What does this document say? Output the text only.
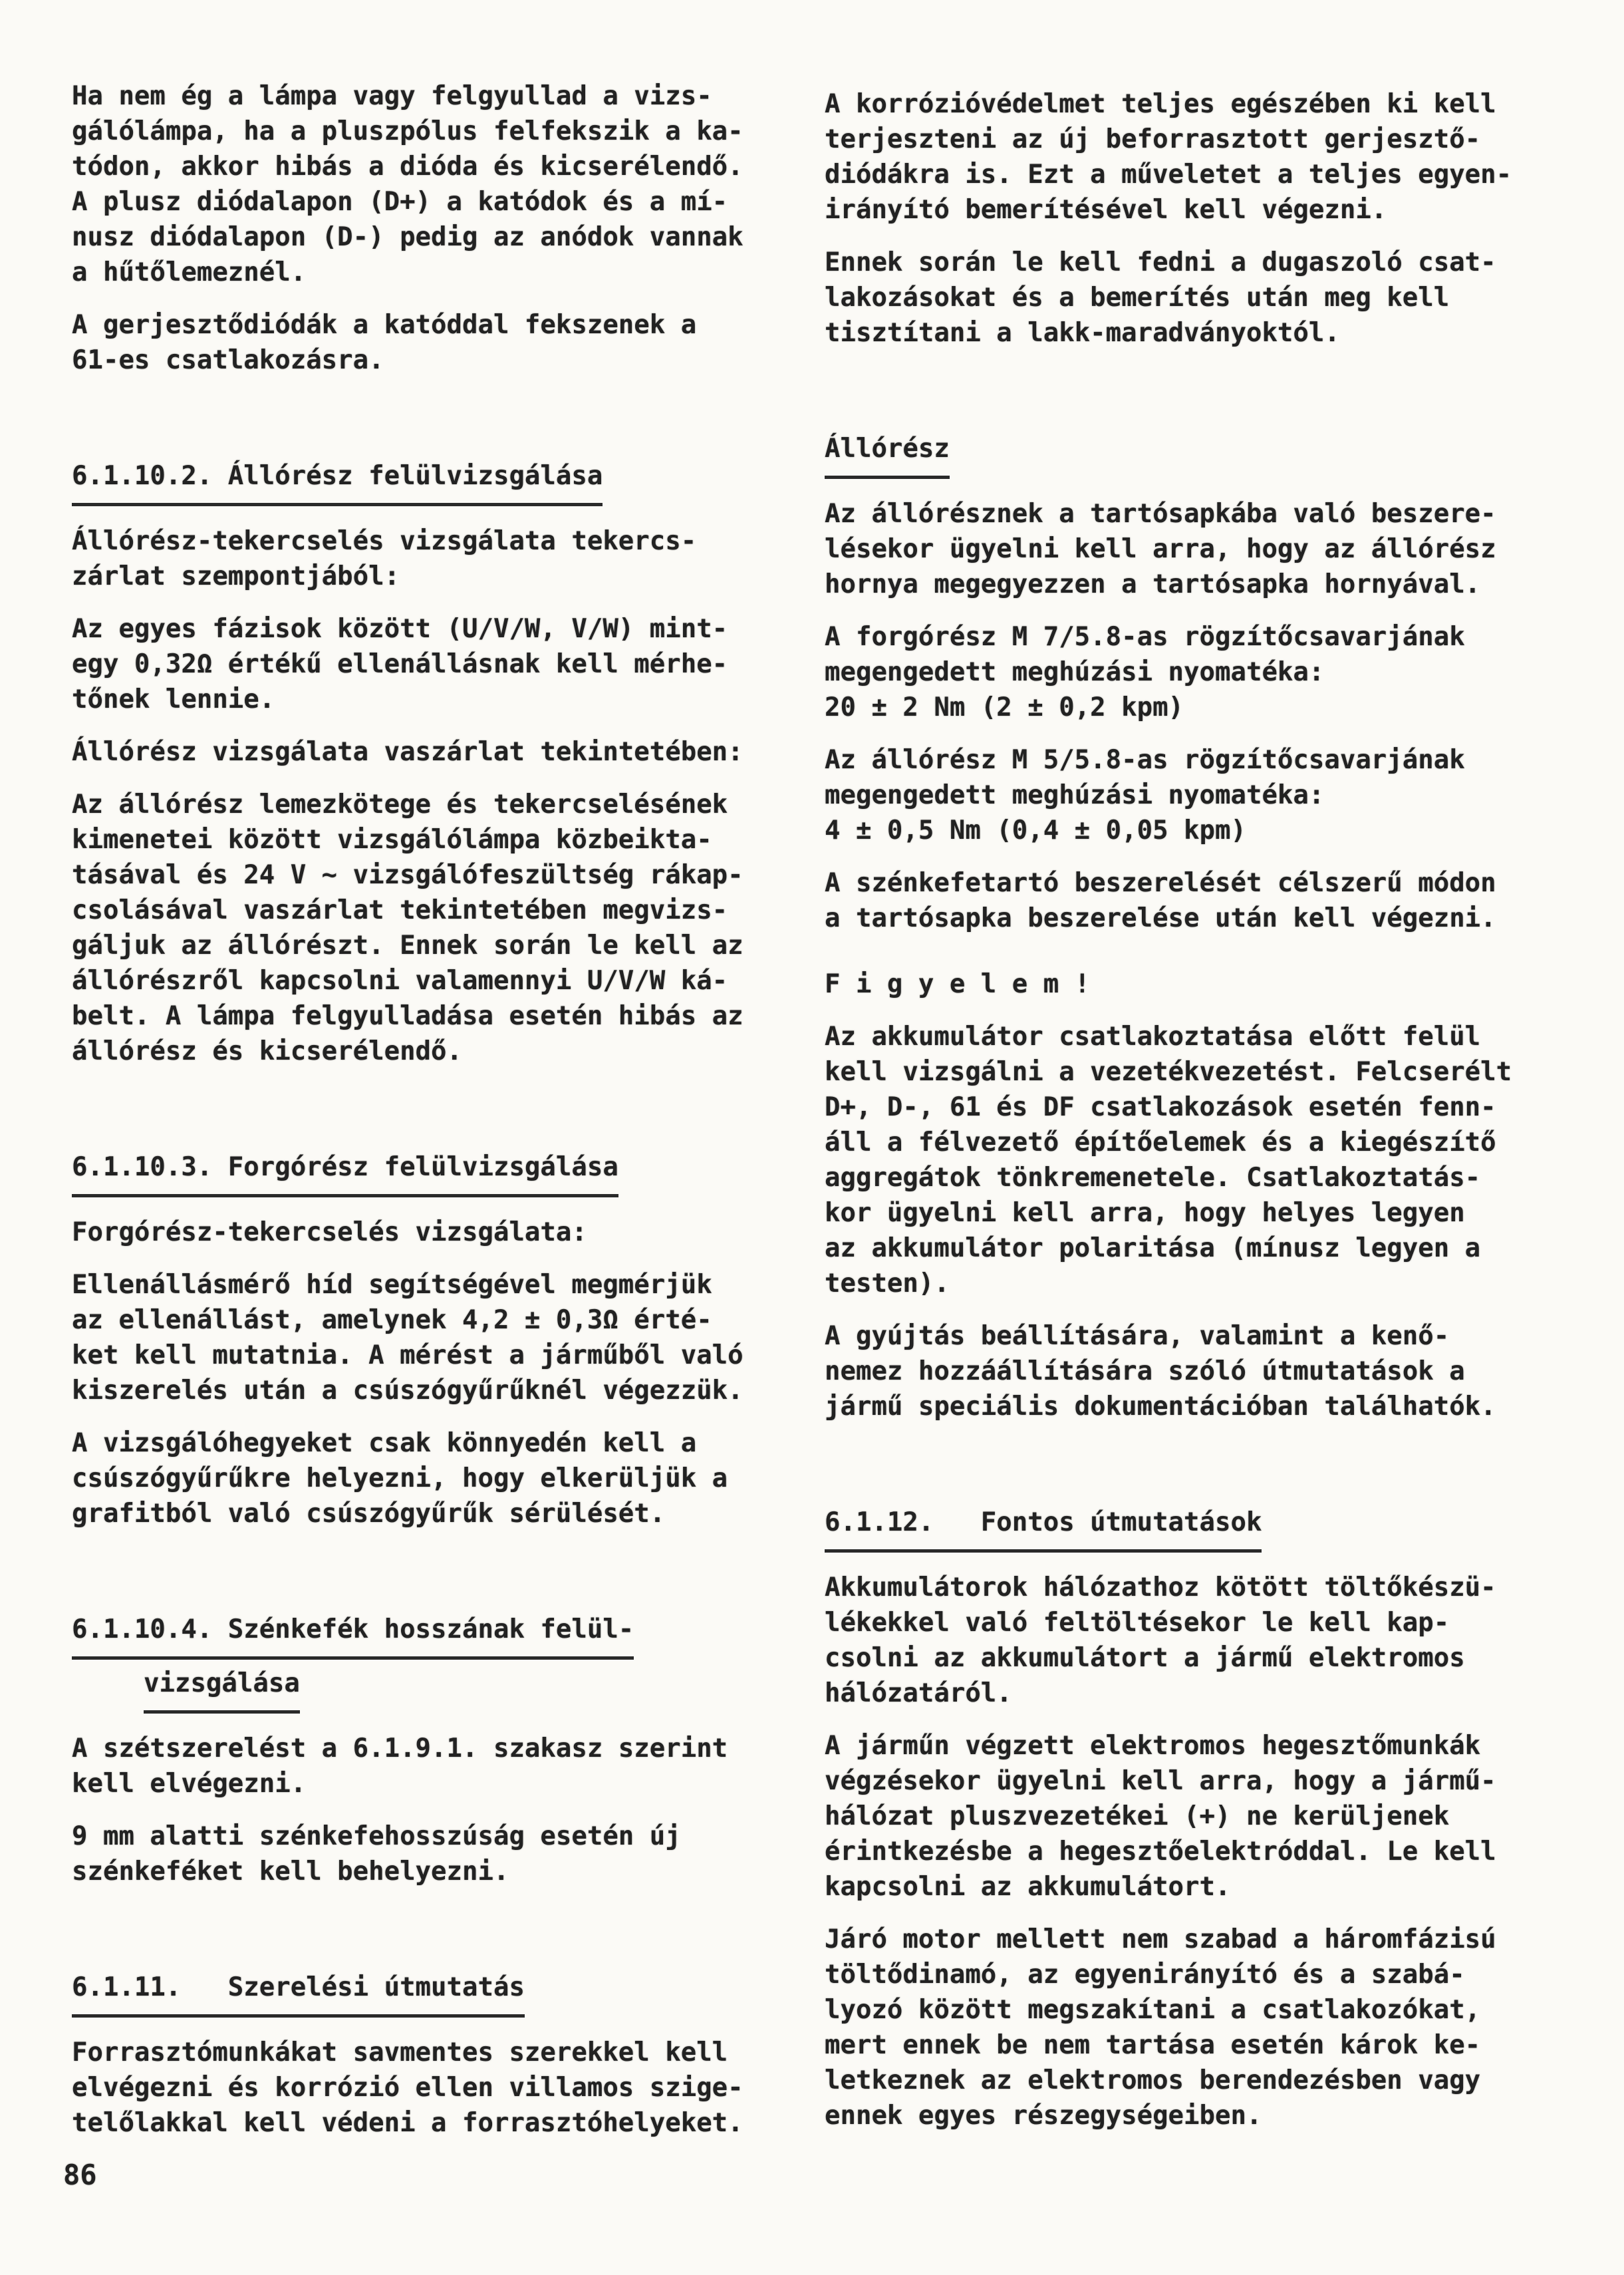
Ha nem ég a lámpa vagy felgyullad a vizs-
gálólámpa, ha a pluszpólus felfekszik a ka-
tódon, akkor hibás a dióda és kicserélendő.
A plusz diódalapon (D+) a katódok és a mí-
nusz diódalapon (D-) pedig az anódok vannak
a hűtőlemeznél.
A gerjesztődiódák a katóddal fekszenek a
61-es csatlakozásra.
6.1.10.2. Állórész felülvizsgálása
Állórész-tekercselés vizsgálata tekercs-
zárlat szempontjából:
Az egyes fázisok között (U/V/W, V/W) mint-
egy 0,32Ω értékű ellenállásnak kell mérhe-
tőnek lennie.
Állórész vizsgálata vaszárlat tekintetében:
Az állórész lemezkötege és tekercselésének
kimenetei között vizsgálólámpa közbeikta-
tásával és 24 V ∼ vizsgálófeszültség rákap-
csolásával vaszárlat tekintetében megvizs-
gáljuk az állórészt. Ennek során le kell az
állórészről kapcsolni valamennyi U/V/W ká-
belt. A lámpa felgyulladása esetén hibás az
állórész és kicserélendő.
6.1.10.3. Forgórész felülvizsgálása
Forgórész-tekercselés vizsgálata:
Ellenállásmérő híd segítségével megmérjük
az ellenállást, amelynek 4,2 ± 0,3Ω érté-
ket kell mutatnia. A mérést a járműből való
kiszerelés után a csúszógyűrűknél végezzük.
A vizsgálóhegyeket csak könnyedén kell a
csúszógyűrűkre helyezni, hogy elkerüljük a
grafitból való csúszógyűrűk sérülését.
6.1.10.4. Szénkefék hosszának felül-
vizsgálása
A szétszerelést a 6.1.9.1. szakasz szerint
kell elvégezni.
9 mm alatti szénkefehosszúság esetén új
szénkeféket kell behelyezni.
6.1.11.   Szerelési útmutatás
Forrasztómunkákat savmentes szerekkel kell
elvégezni és korrózió ellen villamos szige-
telőlakkal kell védeni a forrasztóhelyeket.
A korrózióvédelmet teljes egészében ki kell
terjeszteni az új beforrasztott gerjesztő-
diódákra is. Ezt a műveletet a teljes egyen-
irányító bemerítésével kell végezni.
Ennek során le kell fedni a dugaszoló csat-
lakozásokat és a bemerítés után meg kell
tisztítani a lakk-maradványoktól.
Állórész
Az állórésznek a tartósapkába való beszere-
lésekor ügyelni kell arra, hogy az állórész
hornya megegyezzen a tartósapka hornyával.
A forgórész M 7/5.8-as rögzítőcsavarjának
megengedett meghúzási nyomatéka:
20 ± 2 Nm (2 ± 0,2 kpm)
Az állórész M 5/5.8-as rögzítőcsavarjának
megengedett meghúzási nyomatéka:
4 ± 0,5 Nm (0,4 ± 0,05 kpm)
A szénkefetartó beszerelését célszerű módon
a tartósapka beszerelése után kell végezni.
F i g y e l e m !
Az akkumulátor csatlakoztatása előtt felül
kell vizsgálni a vezetékvezetést. Felcserélt
D+, D-, 61 és DF csatlakozások esetén fenn-
áll a félvezető építőelemek és a kiegészítő
aggregátok tönkremenetele. Csatlakoztatás-
kor ügyelni kell arra, hogy helyes legyen
az akkumulátor polaritása (mínusz legyen a
testen).
A gyújtás beállítására, valamint a kenő-
nemez hozzáállítására szóló útmutatások a
jármű speciális dokumentációban találhatók.
6.1.12.   Fontos útmutatások
Akkumulátorok hálózathoz kötött töltőkészü-
lékekkel való feltöltésekor le kell kap-
csolni az akkumulátort a jármű elektromos
hálózatáról.
A járműn végzett elektromos hegesztőmunkák
végzésekor ügyelni kell arra, hogy a jármű-
hálózat pluszvezetékei (+) ne kerüljenek
érintkezésbe a hegesztőelektróddal. Le kell
kapcsolni az akkumulátort.
Járó motor mellett nem szabad a háromfázisú
töltődinamó, az egyenirányító és a szabá-
lyozó között megszakítani a csatlakozókat,
mert ennek be nem tartása esetén károk ke-
letkeznek az elektromos berendezésben vagy
ennek egyes részegységeiben.
86
